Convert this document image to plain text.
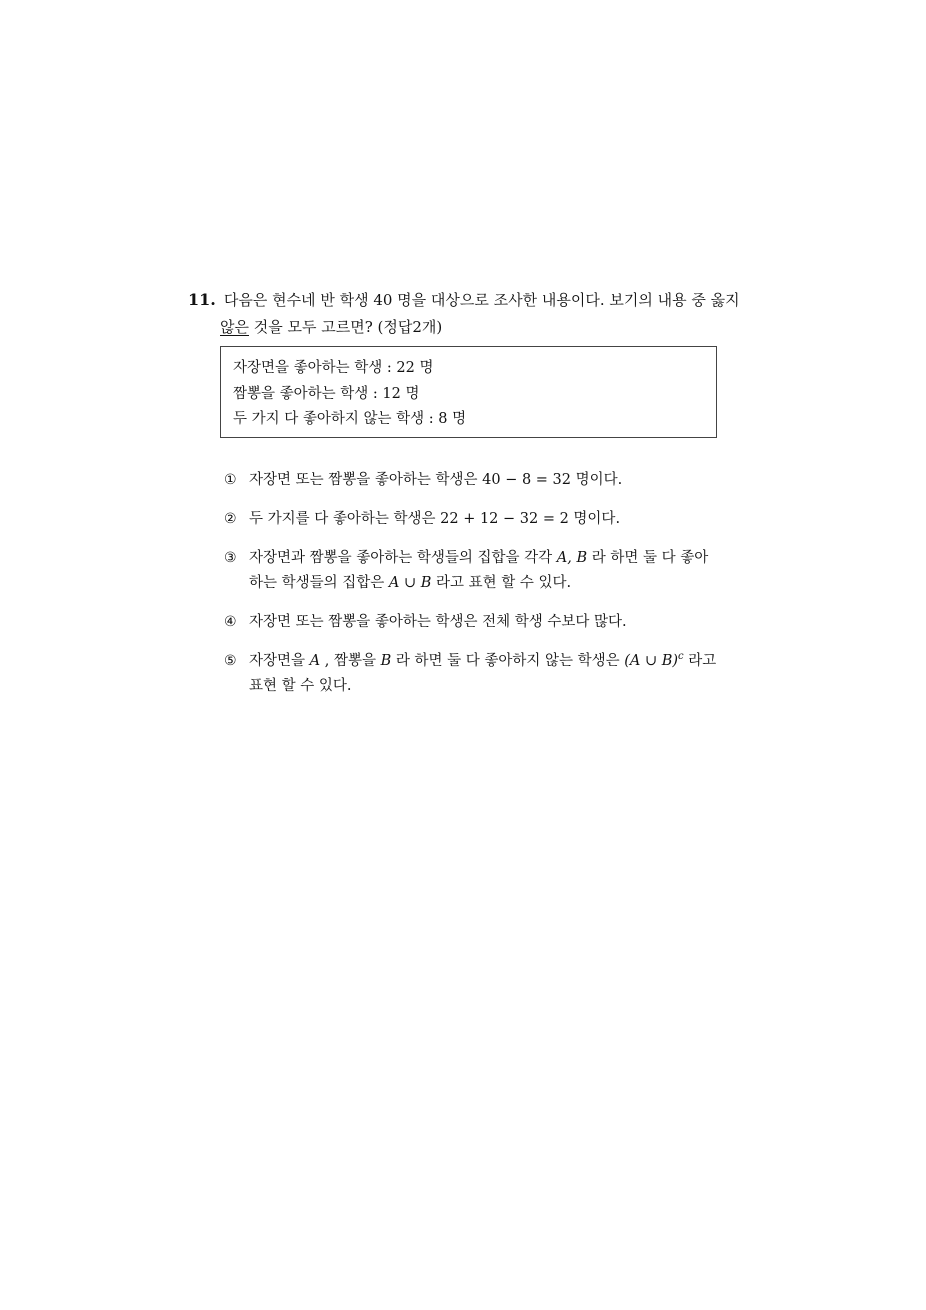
11. 다음은 현수네 반 학생 40 명을 대상으로 조사한 내용이다. 보기의 내용 중 옳지
않은 것을 모두 고르면? (정답2개)
자장면을 좋아하는 학생 : 22 명
짬뽕을 좋아하는 학생 : 12 명
두 가지 다 좋아하지 않는 학생 : 8 명
① 자장면 또는 짬뽕을 좋아하는 학생은 40 − 8 = 32 명이다.
② 두 가지를 다 좋아하는 학생은 22 + 12 − 32 = 2 명이다.
③ 자장면과 짬뽕을 좋아하는 학생들의 집합을 각각 A, B 라 하면 둘 다 좋아
하는 학생들의 집합은 A ∪ B 라고 표현 할 수 있다.
④ 자장면 또는 짬뽕을 좋아하는 학생은 전체 학생 수보다 많다.
⑤ 자장면을 A , 짬뽕을 B 라 하면 둘 다 좋아하지 않는 학생은 (A ∪ B)$^c$ 라고
표현 할 수 있다.
